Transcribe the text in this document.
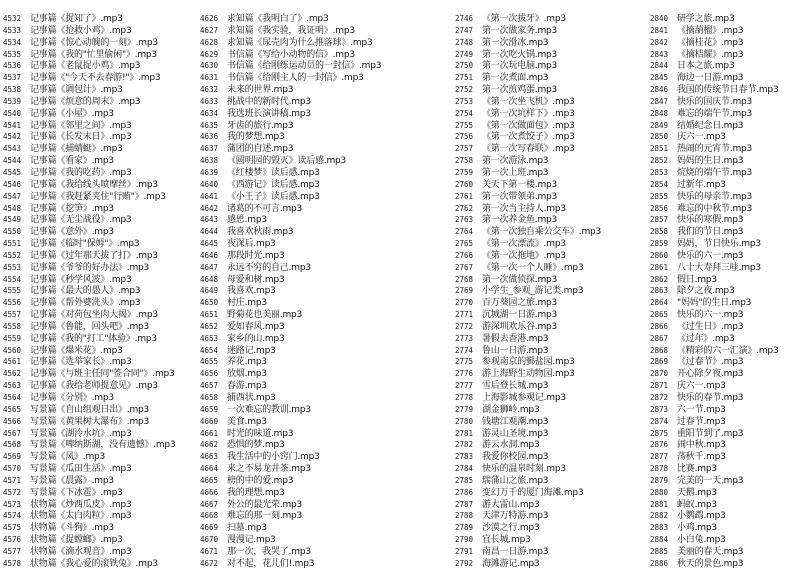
4532 记事篇《捉知了》.mp3
4533 记事篇《抢救小鸡》.mp3
4534 记事篇《惊心动魄的一刻》.mp3
4535 记事篇《我的"忙里偷闲"》.mp3
4536 记事篇《老鼠捉小鸡》.mp3
4537 记事篇《"今天不去春游!"》.mp3
4538 记事篇《调包计》.mp3
4539 记事篇《烦意的周末》.mp3
4540 记事篇《小屋》.mp3
4541 记事篇《邻里之间》.mp3
4542 记事篇《长发末日》.mp3
4543 记事篇《捕蜻蜓》.mp3
4544 记事篇《看家》.mp3
4545 记事篇《我的吃药》.mp3
4546 记事篇《我给线头喷摩丝》.mp3
4547 记事篇《我赶紧夹住"行贿"》.mp3
4548 记事篇《挖笋》.mp3
4549 记事篇《无尘战役》.mp3
4550 记事篇《意外》.mp3
4551 记事篇《临时"保姆"》.mp3
4552 记事篇《过年那天拔了打》.mp3
4553 记事篇《爷爷的好办法》.mp3
4554 记事篇《秒学风波》.mp3
4555 记事篇《最大的愚人》.mp3
4556 记事篇《帮外婆洗头》.mp3
4557 记事篇《对荷包坐肉大揭》.mp3
4558 记事篇《鲁能，回头吧》.mp3
4559 记事篇《我的"打工"体验》.mp3
4560 记事篇《爆米花》.mp3
4561 记事篇《选举家长》.mp3
4562 记事篇《与班主任同"签合同"》.mp3
4563 记事篇《我给老师提意见》.mp3
4564 记事篇《分别》.mp3
4565 写景篇《自山组观日出》.mp3
4566 写景篇《黄果树大瀑布》.mp3
4567 写景篇《湖泠水坑》.mp3
4568 写景篇《啤纳斯湖，没有遗憾》.mp3
4569 写景篇《风》.mp3
4570 写景篇《瓜田生活》.mp3
4571 写景篇《晨露》.mp3
4572 写景篇《下冰雹》.mp3
4573 状物篇《炒西瓜皮》.mp3
4574 状物篇《太白肉粒》.mp3
4575 状物篇《斗狗》.mp3
4576 状物篇《捉螳螂》.mp3
4577 状物篇《滴水观音》.mp3
4578 状物篇《我心爱的滚铁兔》.mp3
4626 求知篇《我明白了》.mp3
4627 求知篇《我实验，我证明》.mp3
4628 求知篇《尿壳肉为什么推落球》.mp3
4629 书信篇《写给小动物的信》.mp3
4630 书信篇《给刚练运动员的一封信》.mp3
4631 书信篇《给刚主人的一封信》.mp3
4632 未来的世界.mp3
4633 挑战中的新时代.mp3
4634 我选班长演讲稿.mp3
4635 牙齿的旅行.mp3
4636 我的梦想.mp3
4637 蒲团的自述.mp3
4638 《圆明园的毁灭》读后感.mp3
4639 《红楼梦》读后感.mp3
4640 《西游记》读后感.mp3
4641 《小王子》读后感.mp3
4642 诸葛的不可言.mp3
4643 感恩.mp3
4644 我喜欢秋雨.mp3
4645 夜深后.mp3
4646 那段时光.mp3
4647 永远不穷的自己.mp3
4648 母爱和树.mp3
4649 我喜欢.mp3
4650 村庄.mp3
4651 野菊花也美丽.mp3
4652 爱如春风.mp3
4653 家乡的山.mp3
4654 迷路记.mp3
4655 养花.mp3
4656 放烟.mp3
4657 春游.mp3
4658 捕西状.mp3
4659 一次难忘的教训.mp3
4660 美食.mp3
4661 时光的味道.mp3
4662 恐惧的梦.mp3
4663 我生活中的小窍门.mp3
4664 来之不易龙井茶.mp3
4665 榜的中的爱.mp3
4666 我的理想.mp3
4667 外公的最光荣.mp3
4668 难忘的那一刻.mp3
4669 扫墓.mp3
4670 漫漫记.mp3
4671 那一次，我哭了.mp3
4672 对不起，花儿们!.mp3
2746 《第一次拔牙》.mp3
2747 第一次做家务.mp3
2748 第一次滑冰.mp3
2749 第一次吃火锅.mp3
2750 第一次玩电脑.mp3
2751 第一次煮面.mp3
2752 第一次煎鸡蛋.mp3
2753 《第一次坐飞机》.mp3
2754 《第一次坑样下》.mp3
2755 《第一次做面包》.mp3
2756 《第一次煮饺子》.mp3
2757 《第一次写春联》.mp3
2758 第一次游泳.mp3
2759 第一次上班.mp3
2760 关天下第一楼.mp3
2761 第一次带领弟.mp3
2762 第一次当主持人.mp3
2763 第一次养金鱼.mp3
2764 《第一次独自乘公交车》.mp3
2765 《第一次漂流》.mp3
2766 《第一次拖地》.mp3
2767 《第一次一个人睡》.mp3
2768 第一次做侦探.mp3
2769 小学生_参观_游记类.mp3
2770 百万葵园之旅.mp3
2771 沉城湖一日游.mp3
2772 游深圳欢乐谷.mp3
2773 暑假去香港.mp3
2774 鲁山一日游.mp3
2775 参观南京的鄞盐园.mp3
2776 游上海野生动物园.mp3
2777 雪后登长城.mp3
2778 上海影城参观记.mp3
2779 湖金狮岭.mp3
2780 钱塘江观潮.mp3
2781 游灵山圣境.mp3
2782 游云水洞.mp3
2783 我爱你校园.mp3
2784 快乐的温泉时刻.mp3
2785 瑞蒲山之旅.mp3
2786 变幻万千的厦门海滩.mp3
2787 游大雷山.mp3
2788 天津万特游.mp3
2789 沙漠之行.mp3
2790 宜长城.mp3
2791 南昌一日游.mp3
2792 海滩游记.mp3
2840 研学之旅.mp3
2841 《摘葫榴》.mp3
2842 《摘桂花》.mp3
2843 《摘桔耀》.mp3
2844 日本之旅.mp3
2845 海边一日游.mp3
2846 我国的传统节日春节.mp3
2847 快乐的国庆节.mp3
2848 难忘的端午节.mp3
2849 结婚纪念日.mp3
2850 庆六一.mp3
2851 热闹的元宵节.mp3
2852 妈妈的生日.mp3
2853 烷烧的端午节.mp3
2854 过新年.mp3
2855 快乐的母亲节.mp3
2856 难忘的中秋节.mp3
2857 快乐的寒假.mp3
2858 我们的节日.mp3
2859 妈妈，节日快乐.mp3
2860 快乐的六一.mp3
2861 八十大寿拜三哇.mp3
2862 假日.mp3
2863 除夕之夜.mp3
2864 "妈妈"的生日.mp3
2865 快乐的六一.mp3
2866 《过生日》.mp3
2867 《过年》.mp3
2868 《精彩的六一汇演》.mp3
2869 《过春节》.mp3
2870 开心除夕夜.mp3
2871 庆六一.mp3
2872 快乐的春节.mp3
2873 六一节.mp3
2874 过春节.mp3
2875 重阳节到了.mp3
2876 闹中秋.mp3
2877 荡秋千.mp3
2878 比赛.mp3
2879 完美的一天.mp3
2880 天鹅.mp3
2881 蚂蚁.mp3
2882 小鹦鹉.mp3
2883 小鸡.mp3
2884 小白兔.mp3
2885 美丽的春天.mp3
2886 秋天的景色.mp3
